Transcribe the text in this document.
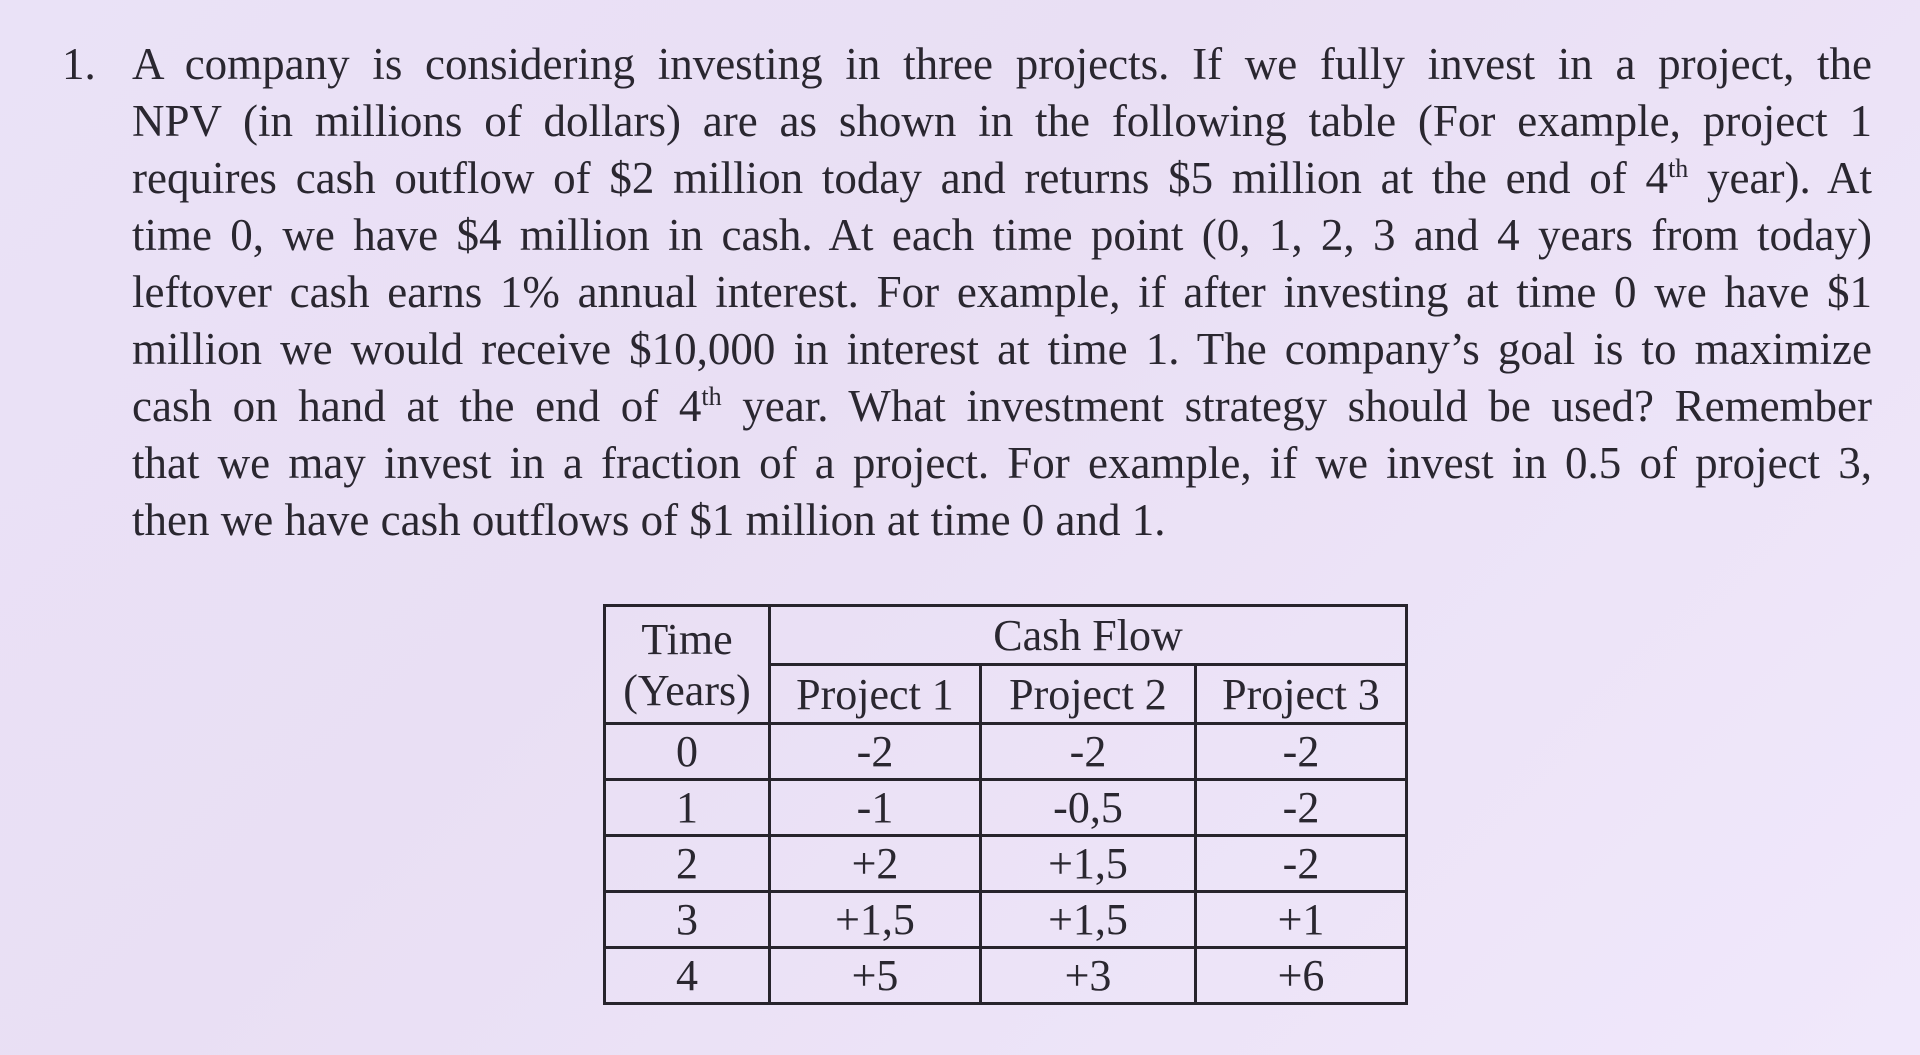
1. A company is considering investing in three projects. If we fully invest in a project, the
NPV (in millions of dollars) are as shown in the following table (For example, project 1
requires cash outflow of $2 million today and returns $5 million at the end of 4th year). At
time 0, we have $4 million in cash. At each time point (0, 1, 2, 3 and 4 years from today)
leftover cash earns 1% annual interest. For example, if after investing at time 0 we have $1
million we would receive $10,000 in interest at time 1. The company’s goal is to maximize
cash on hand at the end of 4th year. What investment strategy should be used? Remember
that we may invest in a fraction of a project. For example, if we invest in 0.5 of project 3,
then we have cash outflows of $1 million at time 0 and 1.
Time	Cash Flow		
(Years)	Project 1	Project 2	Project 3
0	-2	-2	-2
1	-1	-0,5	-2
2	+2	+1,5	-2
3	+1,5	+1,5	+1
4	+5	+3	+6
